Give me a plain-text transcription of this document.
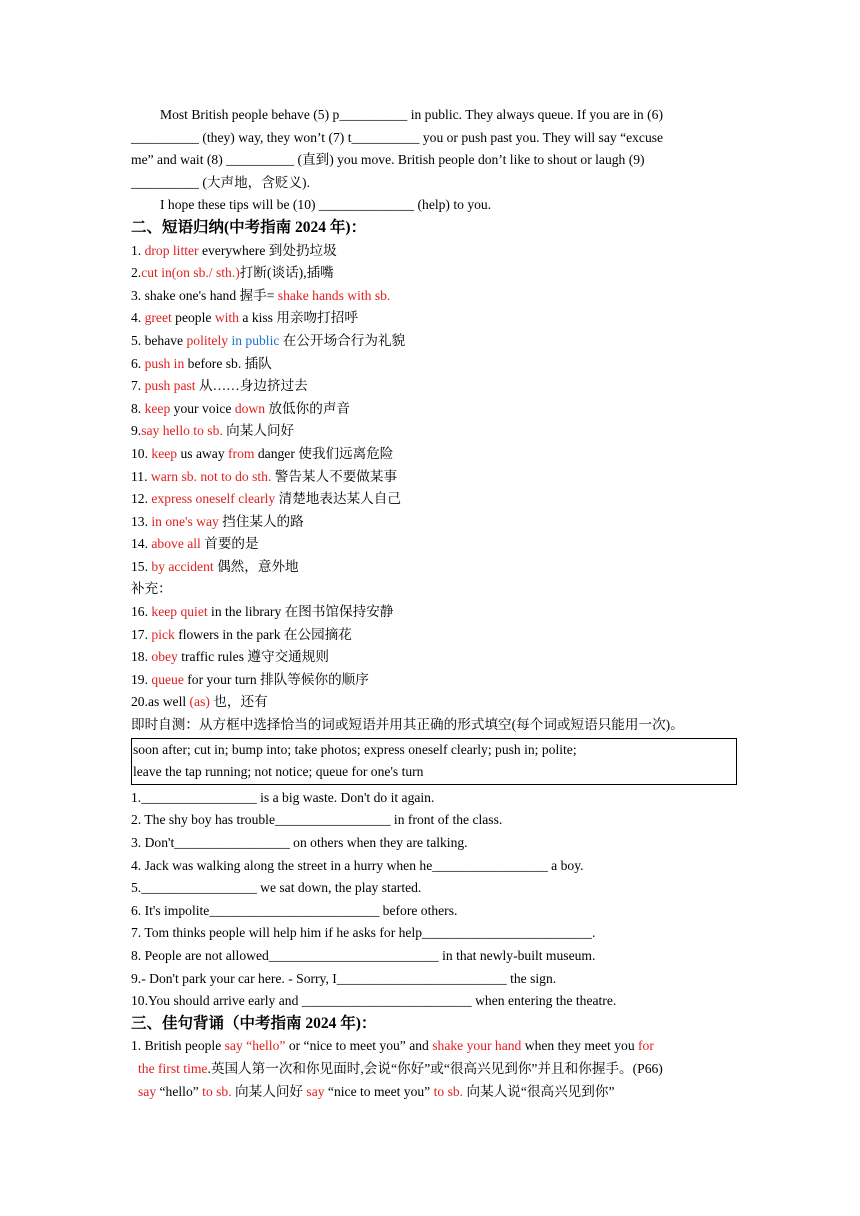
Most British people behave (5) p__________ in public. They always queue. If you are in (6)
__________ (they) way, they won’t (7) t__________ you or push past you. They will say “excuse
me” and wait (8) __________ (直到) you move. British people don’t like to shout or laugh (9)
__________ (大声地，含贬义).
I hope these tips will be (10) ______________ (help) to you.
二、短语归纳(中考指南 2024 年)：
1. drop litter everywhere 到处扔垃圾
2.cut in(on sb./ sth.)打断(谈话),插嘴
3. shake one's hand 握手= shake hands with sb.
4. greet people with a kiss 用亲吻打招呼
5. behave politely in public 在公开场合行为礼貌
6. push in before sb. 插队
7. push past 从……身边挤过去
8. keep your voice down 放低你的声音
9.say hello to sb. 向某人问好
10. keep us away from danger 使我们远离危险
11. warn sb. not to do sth. 警告某人不要做某事
12. express oneself clearly 清楚地表达某人自己
13. in one's way 挡住某人的路
14. above all 首要的是
15. by accident 偶然，意外地
补充：
16. keep quiet in the library 在图书馆保持安静
17. pick flowers in the park 在公园摘花
18. obey traffic rules 遵守交通规则
19. queue for your turn 排队等候你的顺序
20.as well (as) 也，还有
即时自测：从方框中选择恰当的词或短语并用其正确的形式填空(每个词或短语只能用一次)。
soon after; cut in; bump into; take photos; express oneself clearly; push in; polite;
leave the tap running; not notice; queue for one's turn
1._________________ is a big waste. Don't do it again.
2. The shy boy has trouble_________________ in front of the class.
3. Don't_________________ on others when they are talking.
4. Jack was walking along the street in a hurry when he_________________ a boy.
5._________________ we sat down, the play started.
6. It's impolite_________________________ before others.
7. Tom thinks people will help him if he asks for help_________________________.
8. People are not allowed_________________________ in that newly-built museum.
9.- Don't park your car here. - Sorry, I_________________________ the sign.
10.You should arrive early and _________________________ when entering the theatre.
三、佳句背诵（中考指南 2024 年)：
1. British people say “hello” or “nice to meet you” and shake your hand when they meet you for
the first time.英国人第一次和你见面时,会说“你好”或“很高兴见到你”并且和你握手。(P66)
say “hello” to sb. 向某人问好 say “nice to meet you” to sb. 向某人说“很高兴见到你”
